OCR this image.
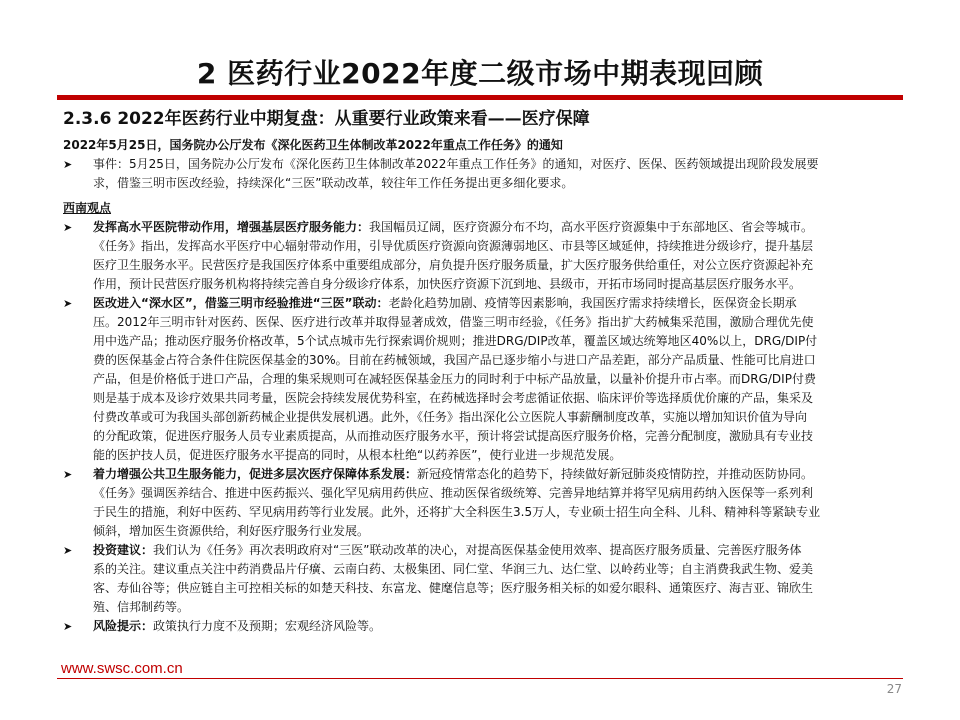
2 医药行业2022年度二级市场中期表现回顾
2.3.6 2022年医药行业中期复盘：从重要行业政策来看——医疗保障
2022年5月25日，国务院办公厅发布《深化医药卫生体制改革2022年重点工作任务》的通知
➤	事件：5月25日，国务院办公厅发布《深化医药卫生体制改革2022年重点工作任务》的通知，对医疗、医保、医药领域提出现阶段发展要
求，借鉴三明市医改经验，持续深化“三医”联动改革，较往年工作任务提出更多细化要求。
西南观点
➤	发挥高水平医院带动作用，增强基层医疗服务能力：我国幅员辽阔，医疗资源分布不均，高水平医疗资源集中于东部地区、省会等城市。
《任务》指出，发挥高水平医疗中心辐射带动作用，引导优质医疗资源向资源薄弱地区、市县等区域延伸，持续推进分级诊疗，提升基层
医疗卫生服务水平。民营医疗是我国医疗体系中重要组成部分，肩负提升医疗服务质量，扩大医疗服务供给重任，对公立医疗资源起补充
作用，预计民营医疗服务机构将持续完善自身分级诊疗体系，加快医疗资源下沉到地、县级市，开拓市场同时提高基层医疗服务水平。
➤	医改进入“深水区”，借鉴三明市经验推进“三医”联动：老龄化趋势加剧、疫情等因素影响，我国医疗需求持续增长，医保资金长期承
压。2012年三明市针对医药、医保、医疗进行改革并取得显著成效，借鉴三明市经验，《任务》指出扩大药械集采范围，激励合理优先使
用中选产品；推动医疗服务价格改革，5个试点城市先行探索调价规则；推进DRG/DIP改革，覆盖区域达统筹地区40%以上，DRG/DIP付
费的医保基金占符合条件住院医保基金的30%。目前在药械领域，我国产品已逐步缩小与进口产品差距，部分产品质量、性能可比肩进口
产品，但是价格低于进口产品，合理的集采规则可在减轻医保基金压力的同时利于中标产品放量，以量补价提升市占率。而DRG/DIP付费
则是基于成本及诊疗效果共同考量，医院会持续发展优势科室，在药械选择时会考虑循证依据、临床评价等选择质优价廉的产品，集采及
付费改革或可为我国头部创新药械企业提供发展机遇。此外，《任务》指出深化公立医院人事薪酬制度改革，实施以增加知识价值为导向
的分配政策，促进医疗服务人员专业素质提高，从而推动医疗服务水平，预计将尝试提高医疗服务价格，完善分配制度，激励具有专业技
能的医护技人员，促进医疗服务水平提高的同时，从根本杜绝“以药养医”，使行业进一步规范发展。
➤	着力增强公共卫生服务能力，促进多层次医疗保障体系发展：新冠疫情常态化的趋势下，持续做好新冠肺炎疫情防控，并推动医防协同。
《任务》强调医养结合、推进中医药振兴、强化罕见病用药供应、推动医保省级统筹、完善异地结算并将罕见病用药纳入医保等一系列利
于民生的措施，利好中医药、罕见病用药等行业发展。此外，还将扩大全科医生3.5万人，专业硕士招生向全科、儿科、精神科等紧缺专业
倾斜，增加医生资源供给，利好医疗服务行业发展。
➤	投资建议：我们认为《任务》再次表明政府对“三医”联动改革的决心，对提高医保基金使用效率、提高医疗服务质量、完善医疗服务体
系的关注。建议重点关注中药消费品片仔癀、云南白药、太极集团、同仁堂、华润三九、达仁堂、以岭药业等；自主消费我武生物、爱美
客、寿仙谷等；供应链自主可控相关标的如楚天科技、东富龙、健麾信息等；医疗服务相关标的如爱尔眼科、通策医疗、海吉亚、锦欣生
殖、信邦制药等。
➤	风险提示：政策执行力度不及预期；宏观经济风险等。
www.swsc.com.cn
27
